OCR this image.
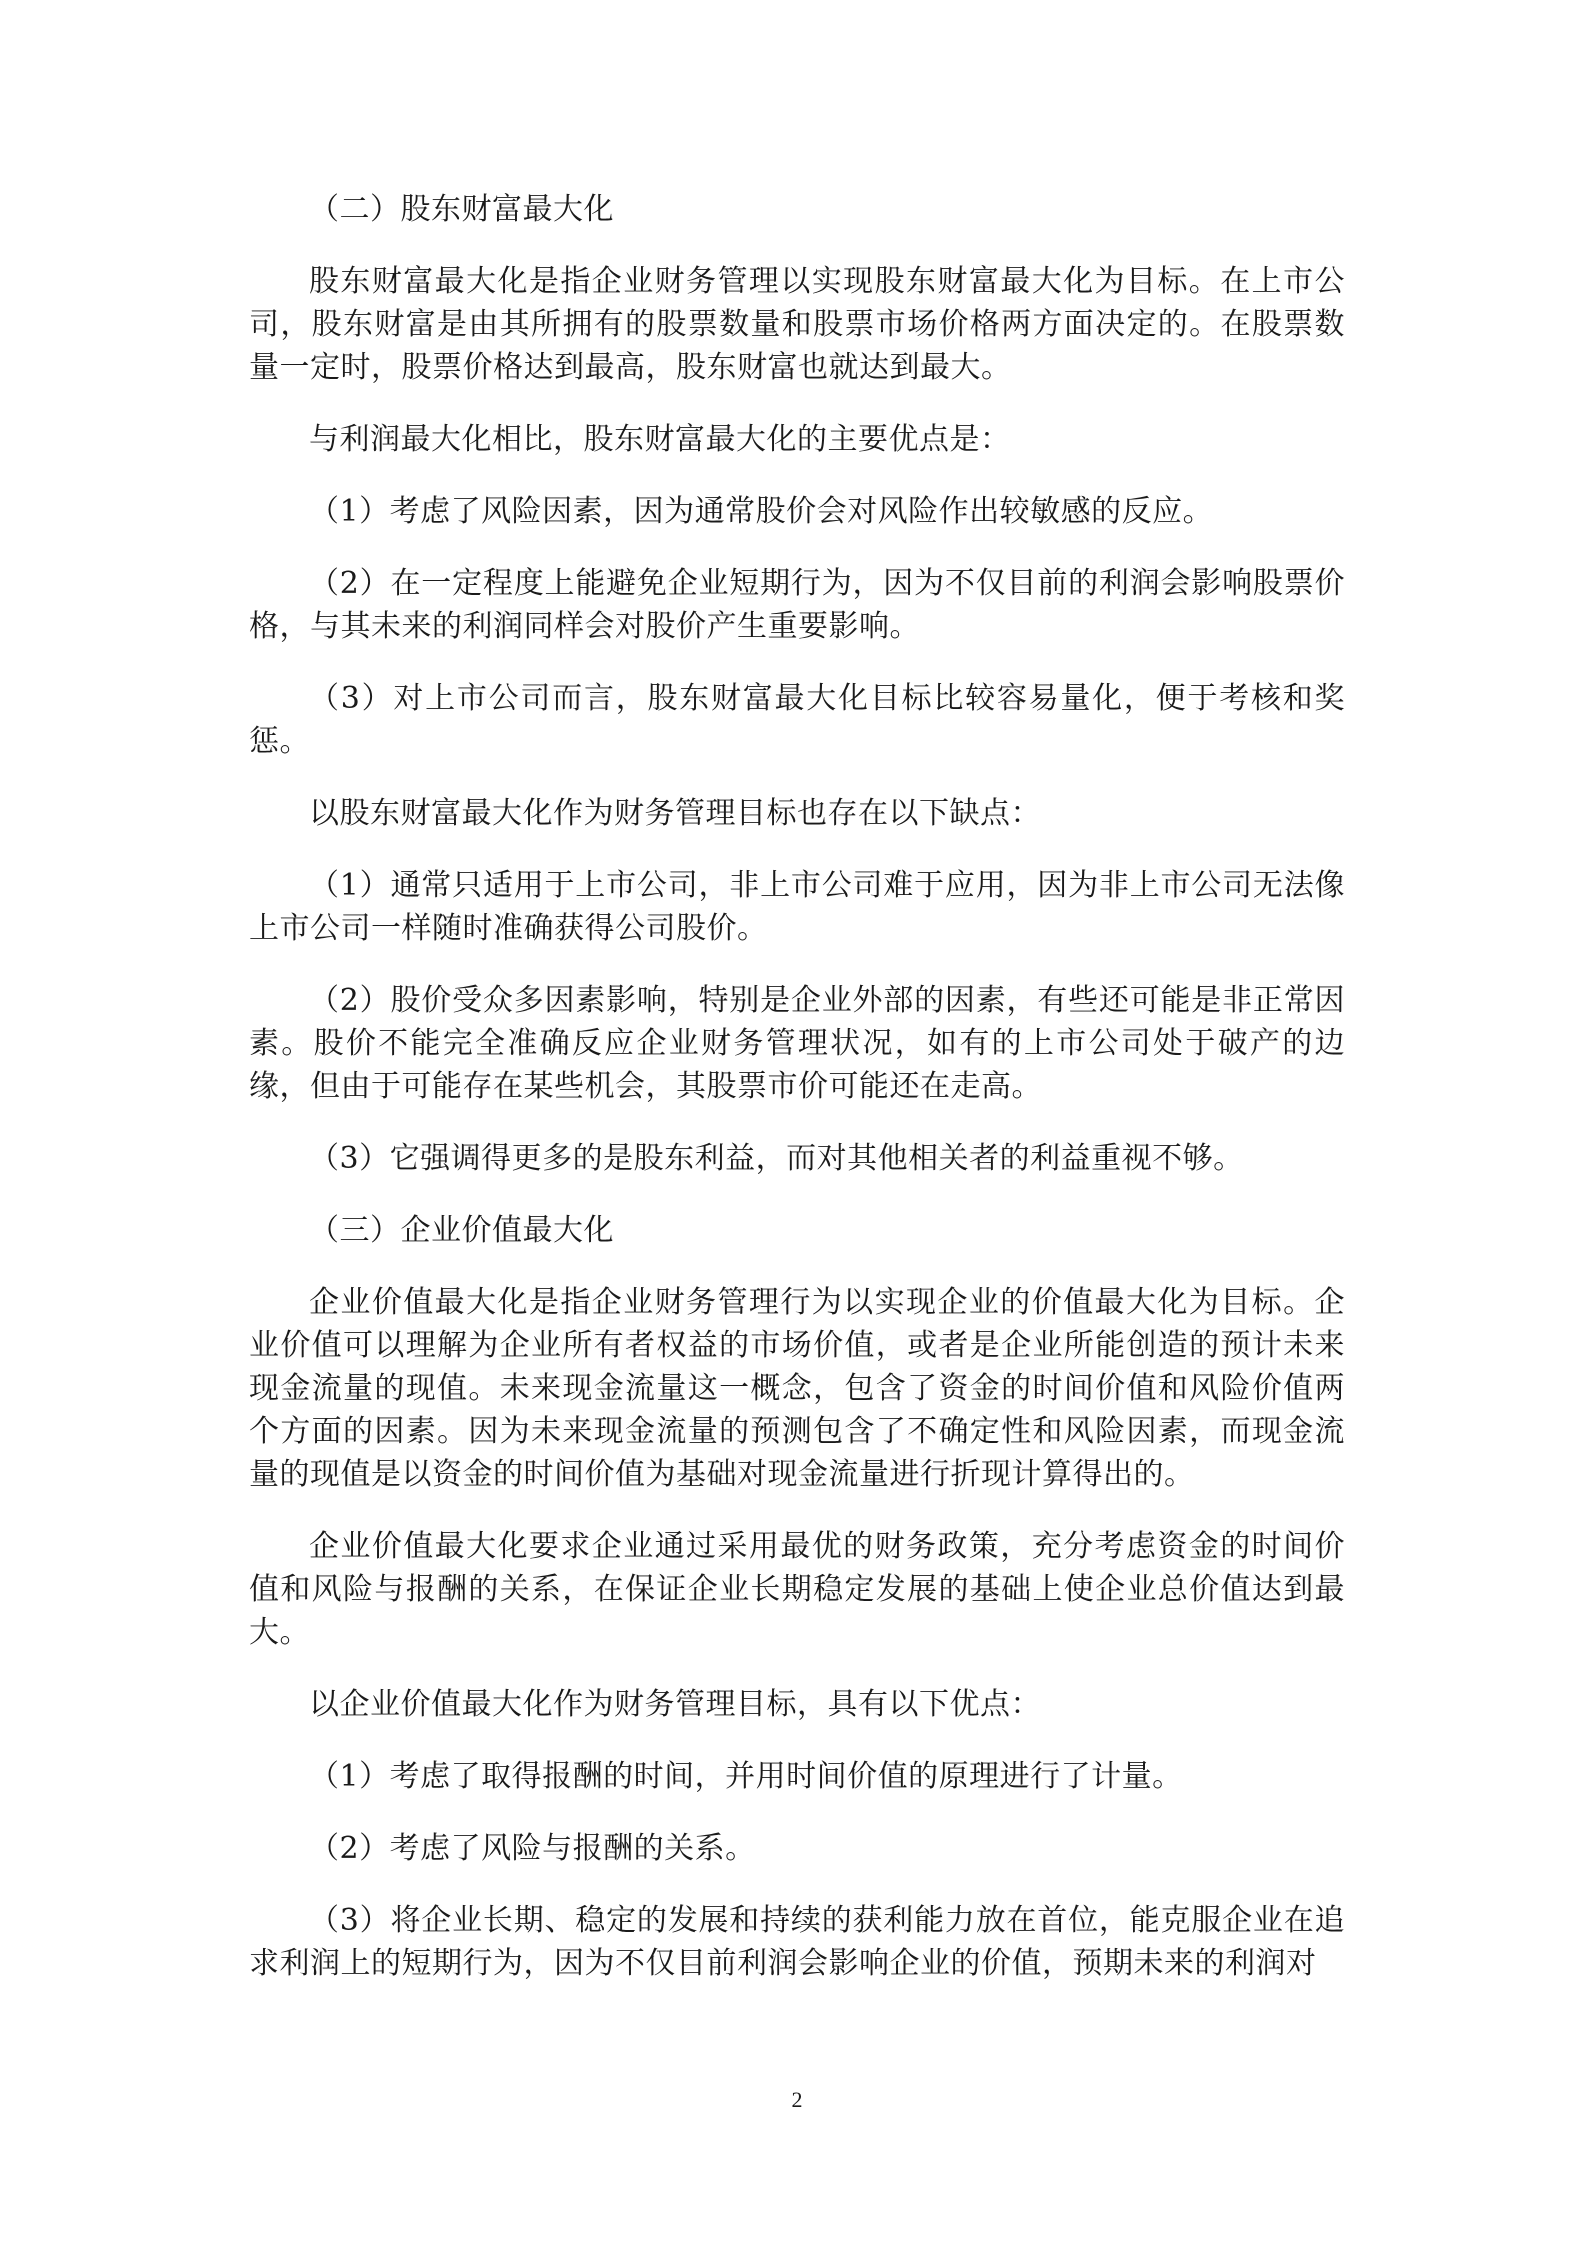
（二）股东财富最大化

股东财富最大化是指企业财务管理以实现股东财富最大化为目标。在上市公司，股东财富是由其所拥有的股票数量和股票市场价格两方面决定的。在股票数量一定时，股票价格达到最高，股东财富也就达到最大。

与利润最大化相比，股东财富最大化的主要优点是：

（1）考虑了风险因素，因为通常股价会对风险作出较敏感的反应。

（2）在一定程度上能避免企业短期行为，因为不仅目前的利润会影响股票价格，与其未来的利润同样会对股价产生重要影响。

（3）对上市公司而言，股东财富最大化目标比较容易量化，便于考核和奖惩。

以股东财富最大化作为财务管理目标也存在以下缺点：

（1）通常只适用于上市公司，非上市公司难于应用，因为非上市公司无法像上市公司一样随时准确获得公司股价。

（2）股价受众多因素影响，特别是企业外部的因素，有些还可能是非正常因素。股价不能完全准确反应企业财务管理状况，如有的上市公司处于破产的边缘，但由于可能存在某些机会，其股票市价可能还在走高。

（3）它强调得更多的是股东利益，而对其他相关者的利益重视不够。

（三）企业价值最大化

企业价值最大化是指企业财务管理行为以实现企业的价值最大化为目标。企业价值可以理解为企业所有者权益的市场价值，或者是企业所能创造的预计未来现金流量的现值。未来现金流量这一概念，包含了资金的时间价值和风险价值两个方面的因素。因为未来现金流量的预测包含了不确定性和风险因素，而现金流量的现值是以资金的时间价值为基础对现金流量进行折现计算得出的。

企业价值最大化要求企业通过采用最优的财务政策，充分考虑资金的时间价值和风险与报酬的关系，在保证企业长期稳定发展的基础上使企业总价值达到最大。

以企业价值最大化作为财务管理目标，具有以下优点：

（1）考虑了取得报酬的时间，并用时间价值的原理进行了计量。

（2）考虑了风险与报酬的关系。

（3）将企业长期、稳定的发展和持续的获利能力放在首位，能克服企业在追求利润上的短期行为，因为不仅目前利润会影响企业的价值，预期未来的利润对

2
